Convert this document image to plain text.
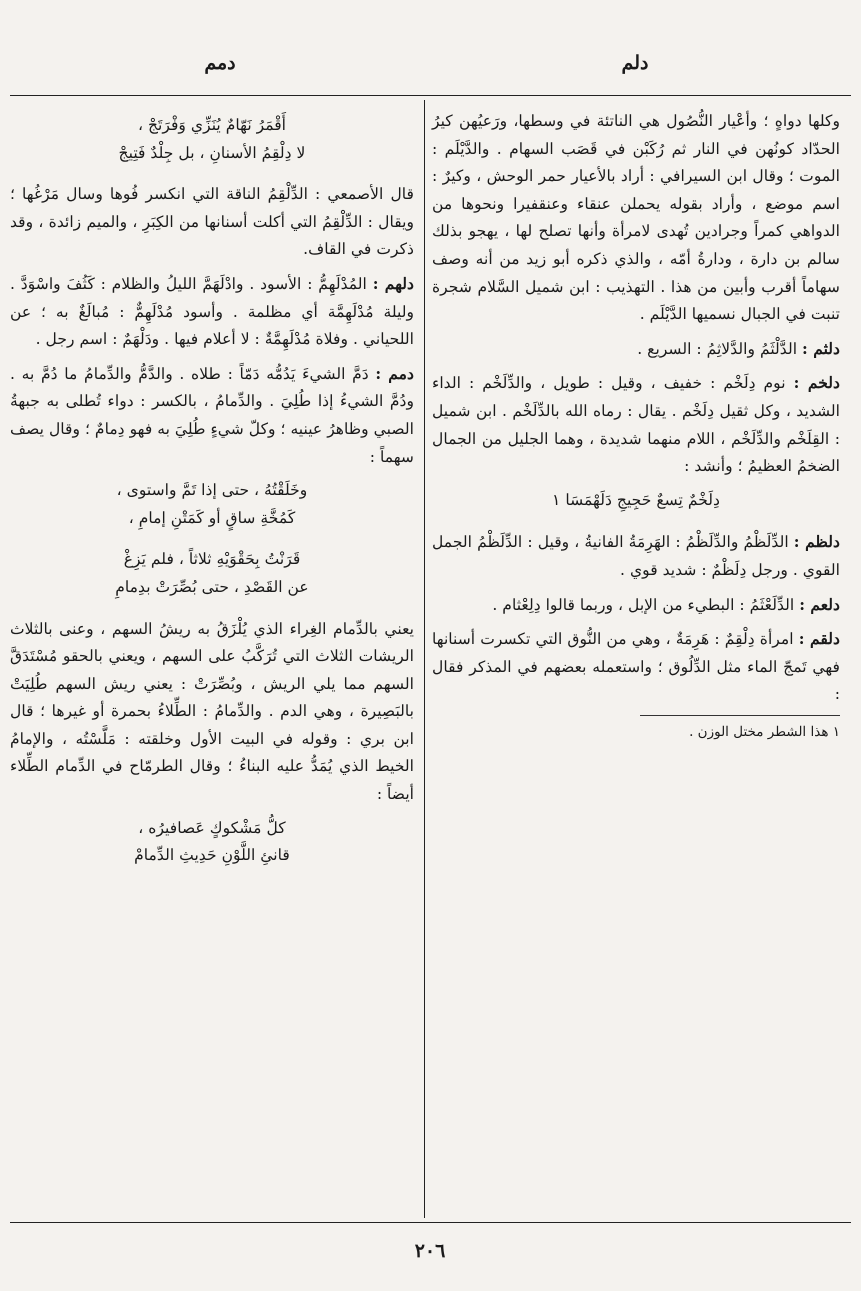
دمم	دلم

وكلها دواهٍ ؛ وأعْيار النُّصُول هي الناتئة في وسطها، ورَعيُهن كيرُ الحدّاد كونُهن في النار ثم رُكَبْن في قَصَب السهام . والدَّيْلَم : الموت ؛ وقال ابن السيرافي : أراد بالأعيار حمر الوحش ، وكيرٌ : اسم موضع ، وأراد بقوله يحملن عنقاء وعنقفيرا ونحوها من الدواهي كمراً وجرادين تُهدى لامرأة وأنها تصلح لها ، يهجو بذلك سالم بن دارة ، ودارةُ أمّه ، والذي ذكره أبو زيد من أنه وصف سهاماً أقرب وأبين من هذا . التهذيب : ابن شميل السَّلام شجرة تنبت في الجبال نسميها الدَّيْلَم .

دلثم : الدَّلْثَمُ والدَّلاثِمُ : السريع .

دلخم : نوم دِلَخْم : خفيف ، وقيل : طويل ، والدِّلَخْم : الداء الشديد ، وكل ثقيل دِلَخْم . يقال : رماه الله بالدِّلَخْم . ابن شميل : القِلَخْم والدِّلَخْم ، اللام منهما شديدة ، وهما الجليل من الجمال الضخمُ العظيمُ ؛ وأنشد :

دِلَخْمٌ تِسعٌ حَجِيجِ دَلَهْمَسَا ١

دلظم : الدِّلَظْمُ والدِّلَظْمُ : الهَرِمَةُ الفانيةُ ، وقيل : الدِّلَظْمُ الجمل القوي . ورجل دِلَظْمٌ : شديد قوي .

دلعم : الدِّلَعْثَمُ : البطيء من الإبل ، وربما قالوا دِلِعْثام .

دلقم : امرأة دِلْقِمٌ : هَرِمَةٌ ، وهي من النُّوق التي تكسرت أسنانها فهي تَمجّ الماء مثل الدِّلُوق ؛ واستعمله بعضهم في المذكر فقال :

١ هذا الشطر مختل الوزن .

أَقْمَرُ نَهّامٌ يُنَزِّي وَفْرَتَجْ ،

لا دِلْقِمُ الأسنانِ ، بل جِلْدٌ فَتِيجْ

قال الأصمعي : الدِّلْقِمُ الناقة التي انكسر فُوها وسال مَرْغُها ؛ ويقال : الدِّلْقِمُ التي أكلت أسنانها من الكِبَرِ ، والميم زائدة ، وقد ذكرت في القاف.

دلهم : المُدْلَهِمُّ : الأسود . وادْلَهَمَّ الليلُ والظلام : كَثُفَ واسْوَدَّ . وليلة مُدْلَهِمَّة أي مظلمة . وأسود مُدْلَهِمٌّ : مُبالَغٌ به ؛ عن اللحياني . وفلاة مُدْلَهِمَّةٌ : لا أعلام فيها . ودَلْهَمٌ : اسم رجل .

دمم : دَمَّ الشيءَ يَدُمُّه دَمّاً : طلاه . والدَّمُّ والدِّمامُ ما دُمَّ به . ودُمَّ الشيءُ إذا طُلِيَ . والدِّمامُ ، بالكسر : دواء تُطلى به جبهةُ الصبي وظاهرُ عينيه ؛ وكلّ شيءٍ طُلِيَ به فهو دِمامٌ ؛ وقال يصف سهماً :

وخَلَقْتُهُ ، حتى إذا تَمَّ واستوى ،

كَمُخَّةِ ساقٍ أو كَمَتْنِ إمامِ ،

قَرَنْتُ بِحَقْوَيْهِ ثلاثاً ، فلم يَزِغْ

عن القَصْدِ ، حتى بُصِّرَتْ بدِمامِ

يعني بالدِّمام الغِراء الذي يُلْزَقُ به ريشُ السهم ، وعنى بالثلاث الريشات الثلاث التي تُرَكَّبُ على السهم ، ويعني بالحقو مُسْتَدَقَّ السهم مما يلي الريش ، وبُصِّرَتْ : يعني ريش السهم طُلِيَتْ بالبَصِيرة ، وهي الدم . والدِّمامُ : الطِّلاءُ بحمرة أو غيرها ؛ قال ابن بري : وقوله في البيت الأول وخلقته : مَلَّسْتُه ، والإمامُ الخيط الذي يُمَدُّ عليه البناءُ ؛ وقال الطرمّاح في الدِّمام الطِّلاء أيضاً :

كلُّ مَشْكوكٍ عَصافيرُه ،

قانئِ اللَّوْنِ حَدِيثِ الدِّمامْ

٢٠٦
